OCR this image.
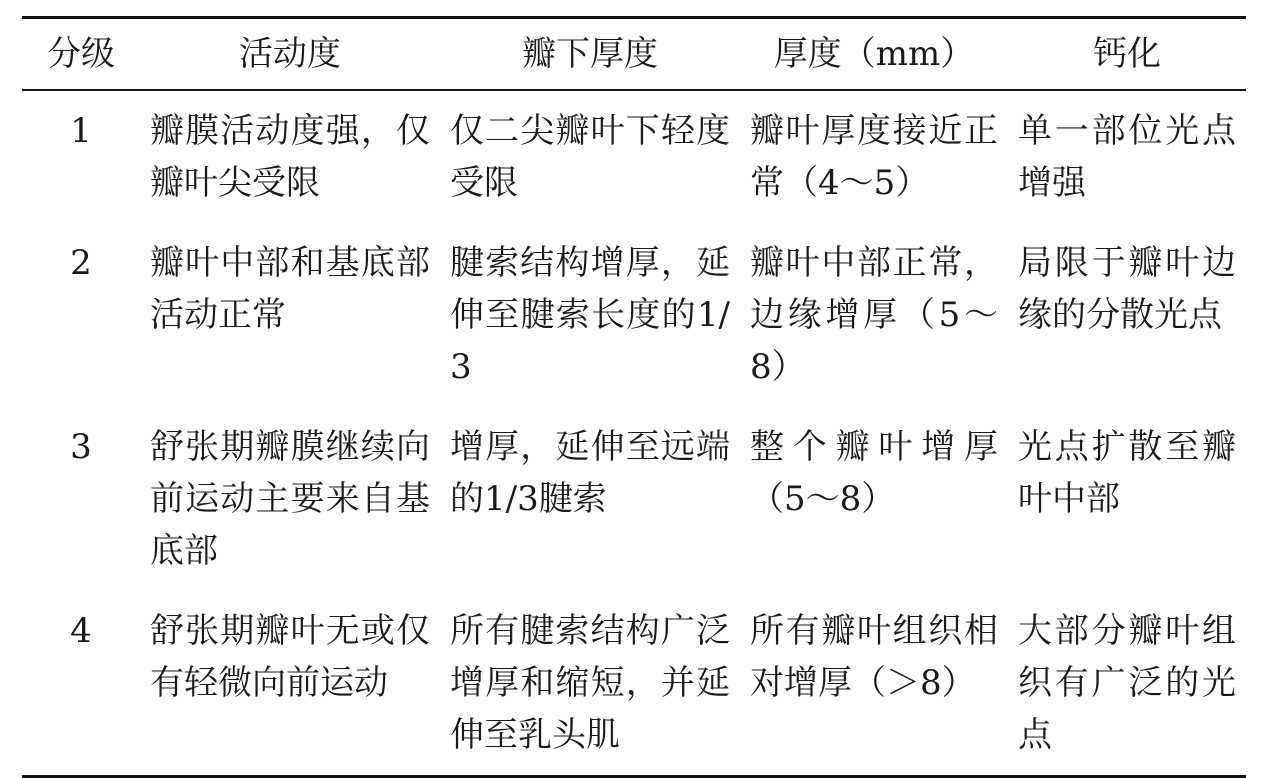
分级	活动度	瓣下厚度	厚度（mm）	钙化
1	瓣膜活动度强，仅瓣叶尖受限	仅二尖瓣叶下轻度受限	瓣叶厚度接近正常（4～5）	单一部位光点增强
2	瓣叶中部和基底部活动正常	腱索结构增厚，延伸至腱索长度的1/3	瓣叶中部正常，边缘增厚（5～8）	局限于瓣叶边缘的分散光点
3	舒张期瓣膜继续向前运动主要来自基底部	增厚，延伸至远端的1/3腱索	整个瓣叶增厚（5～8）	光点扩散至瓣叶中部
4	舒张期瓣叶无或仅有轻微向前运动	所有腱索结构广泛增厚和缩短，并延伸至乳头肌	所有瓣叶组织相对增厚（＞8）	大部分瓣叶组织有广泛的光点
